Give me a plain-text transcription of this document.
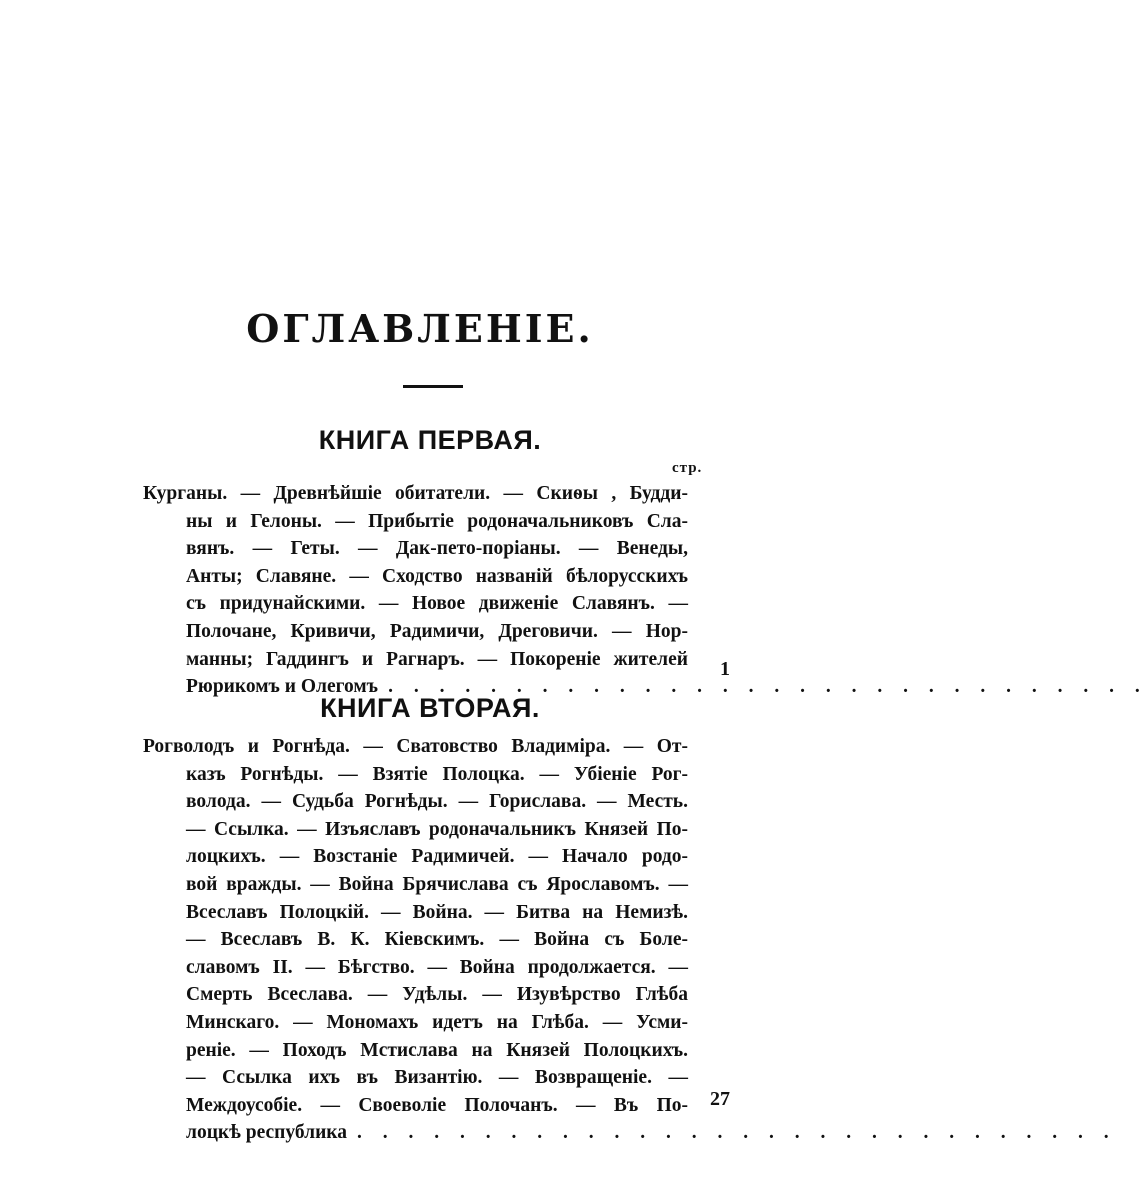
ОГЛАВЛЕНІЕ.
КНИГА ПЕРВАЯ.
стр.
Курганы. — Древнѣйшіе обитатели. — Скиѳы , Будди-
ны и Гелоны. — Прибытіе родоначальниковъ Сла-
вянъ. — Геты. — Дак-пето-порiаны. — Венеды,
Анты; Славяне. — Сходство названiй бѣлорусскихъ
съ придунайскими. — Новое движенiе Славянъ. —
Полочане, Кривичи, Радимичи, Дреговичи. — Нор-
манны; Гаддингъ и Рагнаръ. — Покоренiе жителей
Рюрикомъ и Олегомъ . . . . . . . . . . . . . . . . . . . . . . . . . . . . . .
1
КНИГА ВТОРАЯ.
Рогволодъ и Рогнѣда. — Сватовство Владиміра. — От-
казъ Рогнѣды. — Взятіе Полоцка. — Убіеніе Рог-
волода. — Судьба Рогнѣды. — Горислава. — Месть.
— Ссылка. — Изъяславъ родоначальникъ Князей По-
лоцкихъ. — Возстаніе Радимичей. — Начало родо-
вой вражды. — Война Брячислава съ Ярославомъ. —
Всеславъ Полоцкій. — Война. — Битва на Немизѣ.
— Всеславъ В. К. Кіевскимъ. — Война съ Боле-
славомъ II. — Бѣгство. — Война продолжается. —
Смерть Всеслава. — Удѣлы. — Изувѣрство Глѣба
Минскаго. — Мономахъ идетъ на Глѣба. — Усми-
реніе. — Походъ Мстислава на Князей Полоцкихъ.
— Ссылка ихъ въ Византію. — Возвращеніе. —
Междоусобіе. — Своеволіе Полочанъ. — Въ По-
лоцкѣ республика . . . . . . . . . . . . . . . . . . . . . . . . . . . . . .
27
